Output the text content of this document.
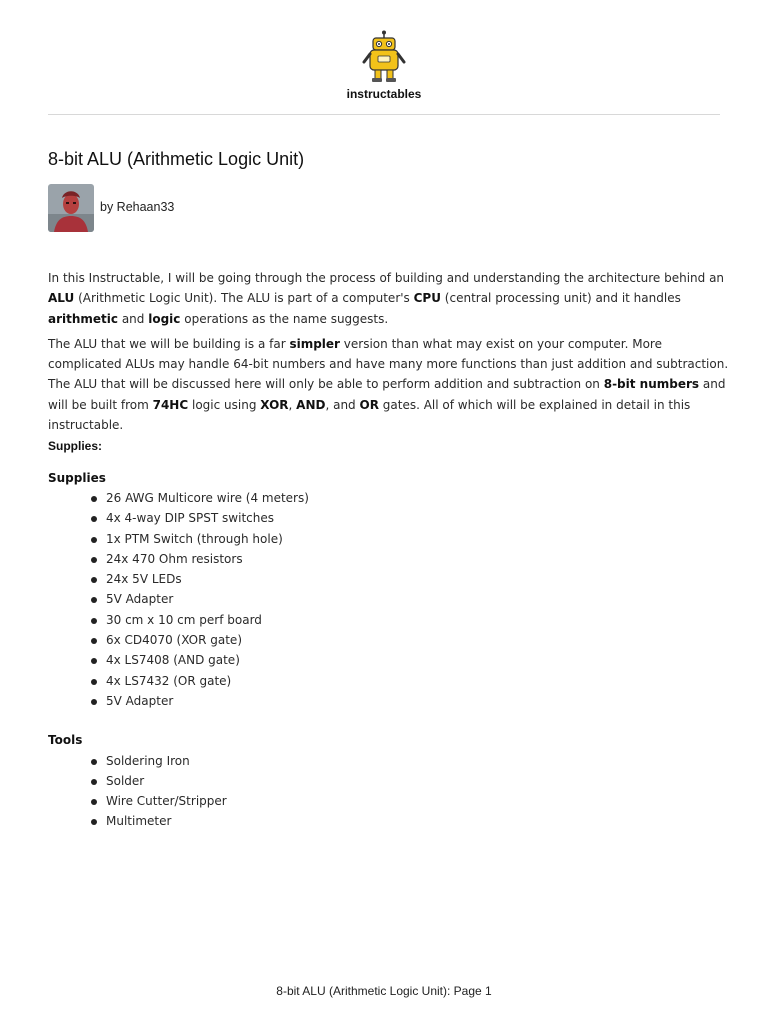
instructables
8-bit ALU (Arithmetic Logic Unit)
by Rehaan33

In this Instructable, I will be going through the process of building and understanding the architecture behind an ALU (Arithmetic Logic Unit). The ALU is part of a computer's CPU (central processing unit) and it handles arithmetic and logic operations as the name suggests.

The ALU that we will be building is a far simpler version than what may exist on your computer. More complicated ALUs may handle 64-bit numbers and have many more functions than just addition and subtraction. The ALU that will be discussed here will only be able to perform addition and subtraction on 8-bit numbers and will be built from 74HC logic using XOR, AND, and OR gates. All of which will be explained in detail in this instructable.

Supplies:
Supplies
26 AWG Multicore wire (4 meters)
4x 4-way DIP SPST switches
1x PTM Switch (through hole)
24x 470 Ohm resistors
24x 5V LEDs
5V Adapter
30 cm x 10 cm perf board
6x CD4070 (XOR gate)
4x LS7408 (AND gate)
4x LS7432 (OR gate)
5V Adapter
Tools
Soldering Iron
Solder
Wire Cutter/Stripper
Multimeter
8-bit ALU (Arithmetic Logic Unit): Page 1
